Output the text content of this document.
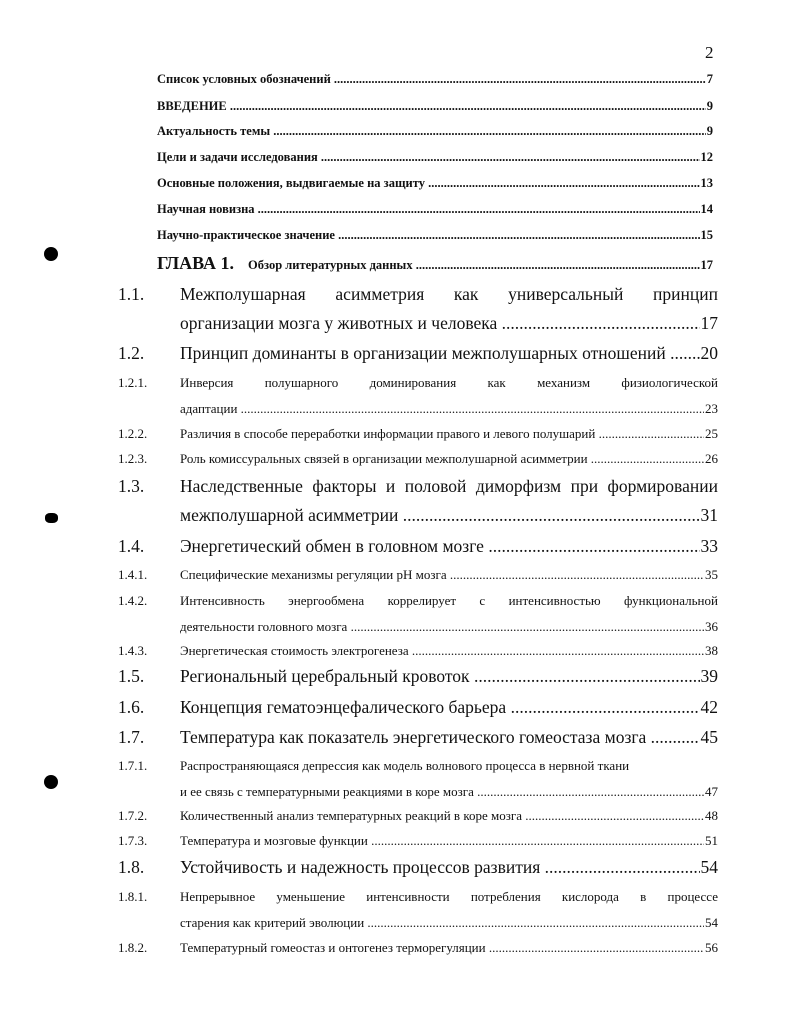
2
Список условных обозначений .....	7
ВВЕДЕНИЕ .....	9
Актуальность темы .....	9
Цели и задачи исследования .....	12
Основные положения, выдвигаемые на защиту .....	13
Научная новизна .....	14
Научно-практическое значение .....	15
ГЛАВА 1.	Обзор литературных данных .....	17
1.1. Межполушарная асимметрия как универсальный принцип
организации мозга у животных и человека .....	17
1.2. Принцип доминанты в организации межполушарных отношений .....	20
1.2.1.	Инверсия полушарного доминирования как механизм физиологической
адаптации .....	23
1.2.2.	Различия в способе переработки информации правого и левого полушарий .....	25
1.2.3.	Роль комиссуральных связей в организации межполушарной асимметрии .....	26
1.3. Наследственные факторы и половой диморфизм при формировании
межполушарной асимметрии .....	31
1.4. Энергетический обмен в головном мозге .....	33
1.4.1.	Специфические механизмы регуляции pH мозга .....	35
1.4.2.	Интенсивность энергообмена коррелирует с интенсивностью функциональной
деятельности головного мозга .....	36
1.4.3.	Энергетическая стоимость электрогенеза .....	38
1.5. Региональный церебральный кровоток .....	39
1.6. Концепция гематоэнцефалического барьера .....	42
1.7. Температура как показатель энергетического гомеостаза мозга .....	45
1.7.1.	Распространяющаяся депрессия как модель волнового процесса в нервной ткани
и ее связь с температурными реакциями в коре мозга .....	47
1.7.2.	Количественный анализ температурных реакций в коре мозга .....	48
1.7.3.	Температура и мозговые функции .....	51
1.8. Устойчивость и надежность процессов развития .....	54
1.8.1.	Непрерывное уменьшение интенсивности потребления кислорода в процессе
старения как критерий эволюции .....	54
1.8.2.	Температурный гомеостаз и онтогенез терморегуляции .....	56
